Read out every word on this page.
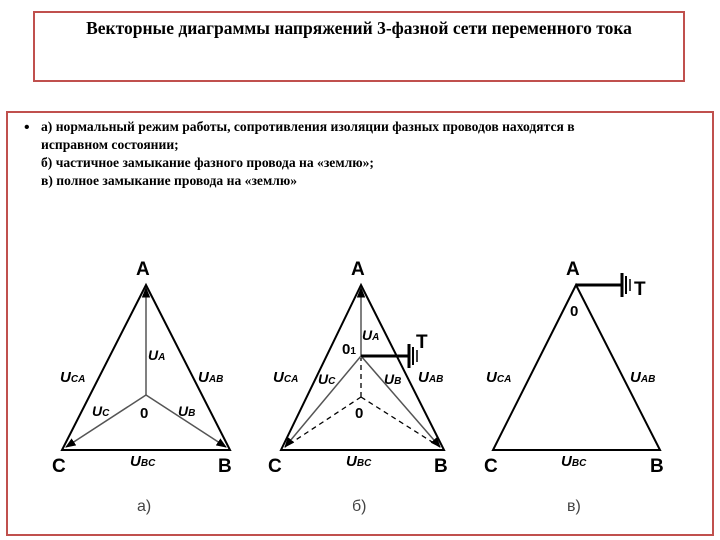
Векторные диаграммы напряжений 3-фазной сети переменного тока
• а) нормальный режим работы, сопротивления изоляции фазных проводов находятся в
исправном состоянии;
б) частичное замыкание фазного провода на «землю»;
в) полное замыкание провода на «землю»
A
C	B
UCA	UAB
UBC
UA
UC	UB
0
а)
T
A
C	B
UCA	UAB
UBC
UA
UC	UB
01
0
б)
T
A
C	B
0
UCA	UAB
UBC
в)
